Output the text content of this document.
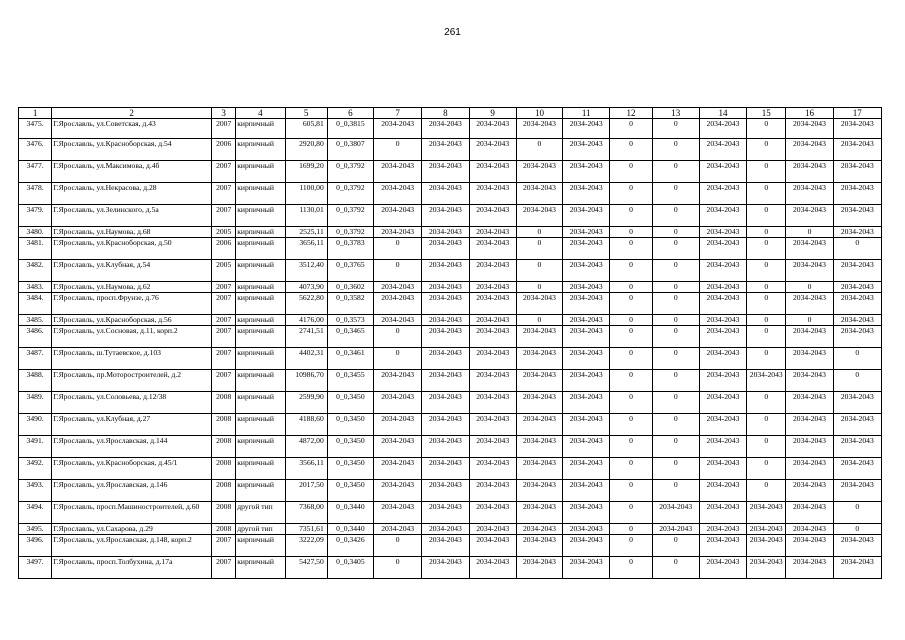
261
1	2	3	4	5	6	7	8	9	10	11	12	13	14	15	16	17
3475.	Г.Ярославль, ул.Советская, д.43	2007	кирпичный	605,81	0_0,3815	2034-2043	2034-2043	2034-2043	2034-2043	2034-2043	0	0	2034-2043	0	2034-2043	2034-2043
3476.	Г.Ярославль, ул.Красноборская, д.54	2006	кирпичный	2920,80	0_0,3807	0	2034-2043	2034-2043	0	2034-2043	0	0	2034-2043	0	2034-2043	2034-2043
3477.	Г.Ярославль, ул.Максимова, д.4б	2007	кирпичный	1699,20	0_0,3792	2034-2043	2034-2043	2034-2043	2034-2043	2034-2043	0	0	2034-2043	0	2034-2043	2034-2043
3478.	Г.Ярославль, ул.Некрасова, д.28	2007	кирпичный	1100,00	0_0,3792	2034-2043	2034-2043	2034-2043	2034-2043	2034-2043	0	0	2034-2043	0	2034-2043	2034-2043
3479.	Г.Ярославль, ул.Зелинского, д.5а	2007	кирпичный	1130,01	0_0,3792	2034-2043	2034-2043	2034-2043	2034-2043	2034-2043	0	0	2034-2043	0	2034-2043	2034-2043
3480.	Г.Ярославль, ул.Наумова, д.68	2005	кирпичный	2525,11	0_0,3792	2034-2043	2034-2043	2034-2043	0	2034-2043	0	0	2034-2043	0	0	2034-2043
3481.	Г.Ярославль, ул.Красноборская, д.50	2006	кирпичный	3656,11	0_0,3783	0	2034-2043	2034-2043	0	2034-2043	0	0	2034-2043	0	2034-2043	0
3482.	Г.Ярославль, ул.Клубная, д.54	2005	кирпичный	3512,40	0_0,3765	0	2034-2043	2034-2043	0	2034-2043	0	0	2034-2043	0	2034-2043	2034-2043
3483.	Г.Ярославль, ул.Наумова, д.62	2007	кирпичный	4073,90	0_0,3602	2034-2043	2034-2043	2034-2043	0	2034-2043	0	0	2034-2043	0	0	2034-2043
3484.	Г.Ярославль, просп.Фрунзе, д.76	2007	кирпичный	5622,80	0_0,3582	2034-2043	2034-2043	2034-2043	2034-2043	2034-2043	0	0	2034-2043	0	2034-2043	2034-2043
3485.	Г.Ярославль, ул.Красноборская, д.56	2007	кирпичный	4176,00	0_0,3573	2034-2043	2034-2043	2034-2043	0	2034-2043	0	0	2034-2043	0	0	2034-2043
3486.	Г.Ярославль, ул.Сосновая, д.11, корп.2	2007	кирпичный	2741,51	0_0,3465	0	2034-2043	2034-2043	2034-2043	2034-2043	0	0	2034-2043	0	2034-2043	2034-2043
3487.	Г.Ярославль, ш.Тутаевское, д.103	2007	кирпичный	4402,31	0_0,3461	0	2034-2043	2034-2043	2034-2043	2034-2043	0	0	2034-2043	0	2034-2043	0
3488.	Г.Ярославль, пр.Моторостроителей, д.2	2007	кирпичный	10986,70	0_0,3455	2034-2043	2034-2043	2034-2043	2034-2043	2034-2043	0	0	2034-2043	2034-2043	2034-2043	0
3489.	Г.Ярославль, ул.Соловьева, д.12/38	2008	кирпичный	2599,90	0_0,3450	2034-2043	2034-2043	2034-2043	2034-2043	2034-2043	0	0	2034-2043	0	2034-2043	2034-2043
3490.	Г.Ярославль, ул.Клубная, д.27	2008	кирпичный	4188,60	0_0,3450	2034-2043	2034-2043	2034-2043	2034-2043	2034-2043	0	0	2034-2043	0	2034-2043	2034-2043
3491.	Г.Ярославль, ул.Ярославская, д.144	2008	кирпичный	4872,00	0_0,3450	2034-2043	2034-2043	2034-2043	2034-2043	2034-2043	0	0	2034-2043	0	2034-2043	2034-2043
3492.	Г.Ярославль, ул.Красноборская, д.45/1	2008	кирпичный	3566,11	0_0,3450	2034-2043	2034-2043	2034-2043	2034-2043	2034-2043	0	0	2034-2043	0	2034-2043	2034-2043
3493.	Г.Ярославль, ул.Ярославская, д.146	2008	кирпичный	2017,50	0_0,3450	2034-2043	2034-2043	2034-2043	2034-2043	2034-2043	0	0	2034-2043	0	2034-2043	2034-2043
3494.	Г.Ярославль, просп.Машиностроителей, д.60	2008	другой тип	7368,00	0_0,3440	2034-2043	2034-2043	2034-2043	2034-2043	2034-2043	0	2034-2043	2034-2043	2034-2043	2034-2043	0
3495.	Г.Ярославль, ул.Сахарова, д.29	2008	другой тип	7351,61	0_0,3440	2034-2043	2034-2043	2034-2043	2034-2043	2034-2043	0	2034-2043	2034-2043	2034-2043	2034-2043	0
3496.	Г.Ярославль, ул.Ярославская, д.148, корп.2	2007	кирпичный	3222,09	0_0,3426	0	2034-2043	2034-2043	2034-2043	2034-2043	0	0	2034-2043	2034-2043	2034-2043	2034-2043
3497.	Г.Ярославль, просп.Толбухина, д.17а	2007	кирпичный	5427,50	0_0,3405	0	2034-2043	2034-2043	2034-2043	2034-2043	0	0	2034-2043	2034-2043	2034-2043	2034-2043
